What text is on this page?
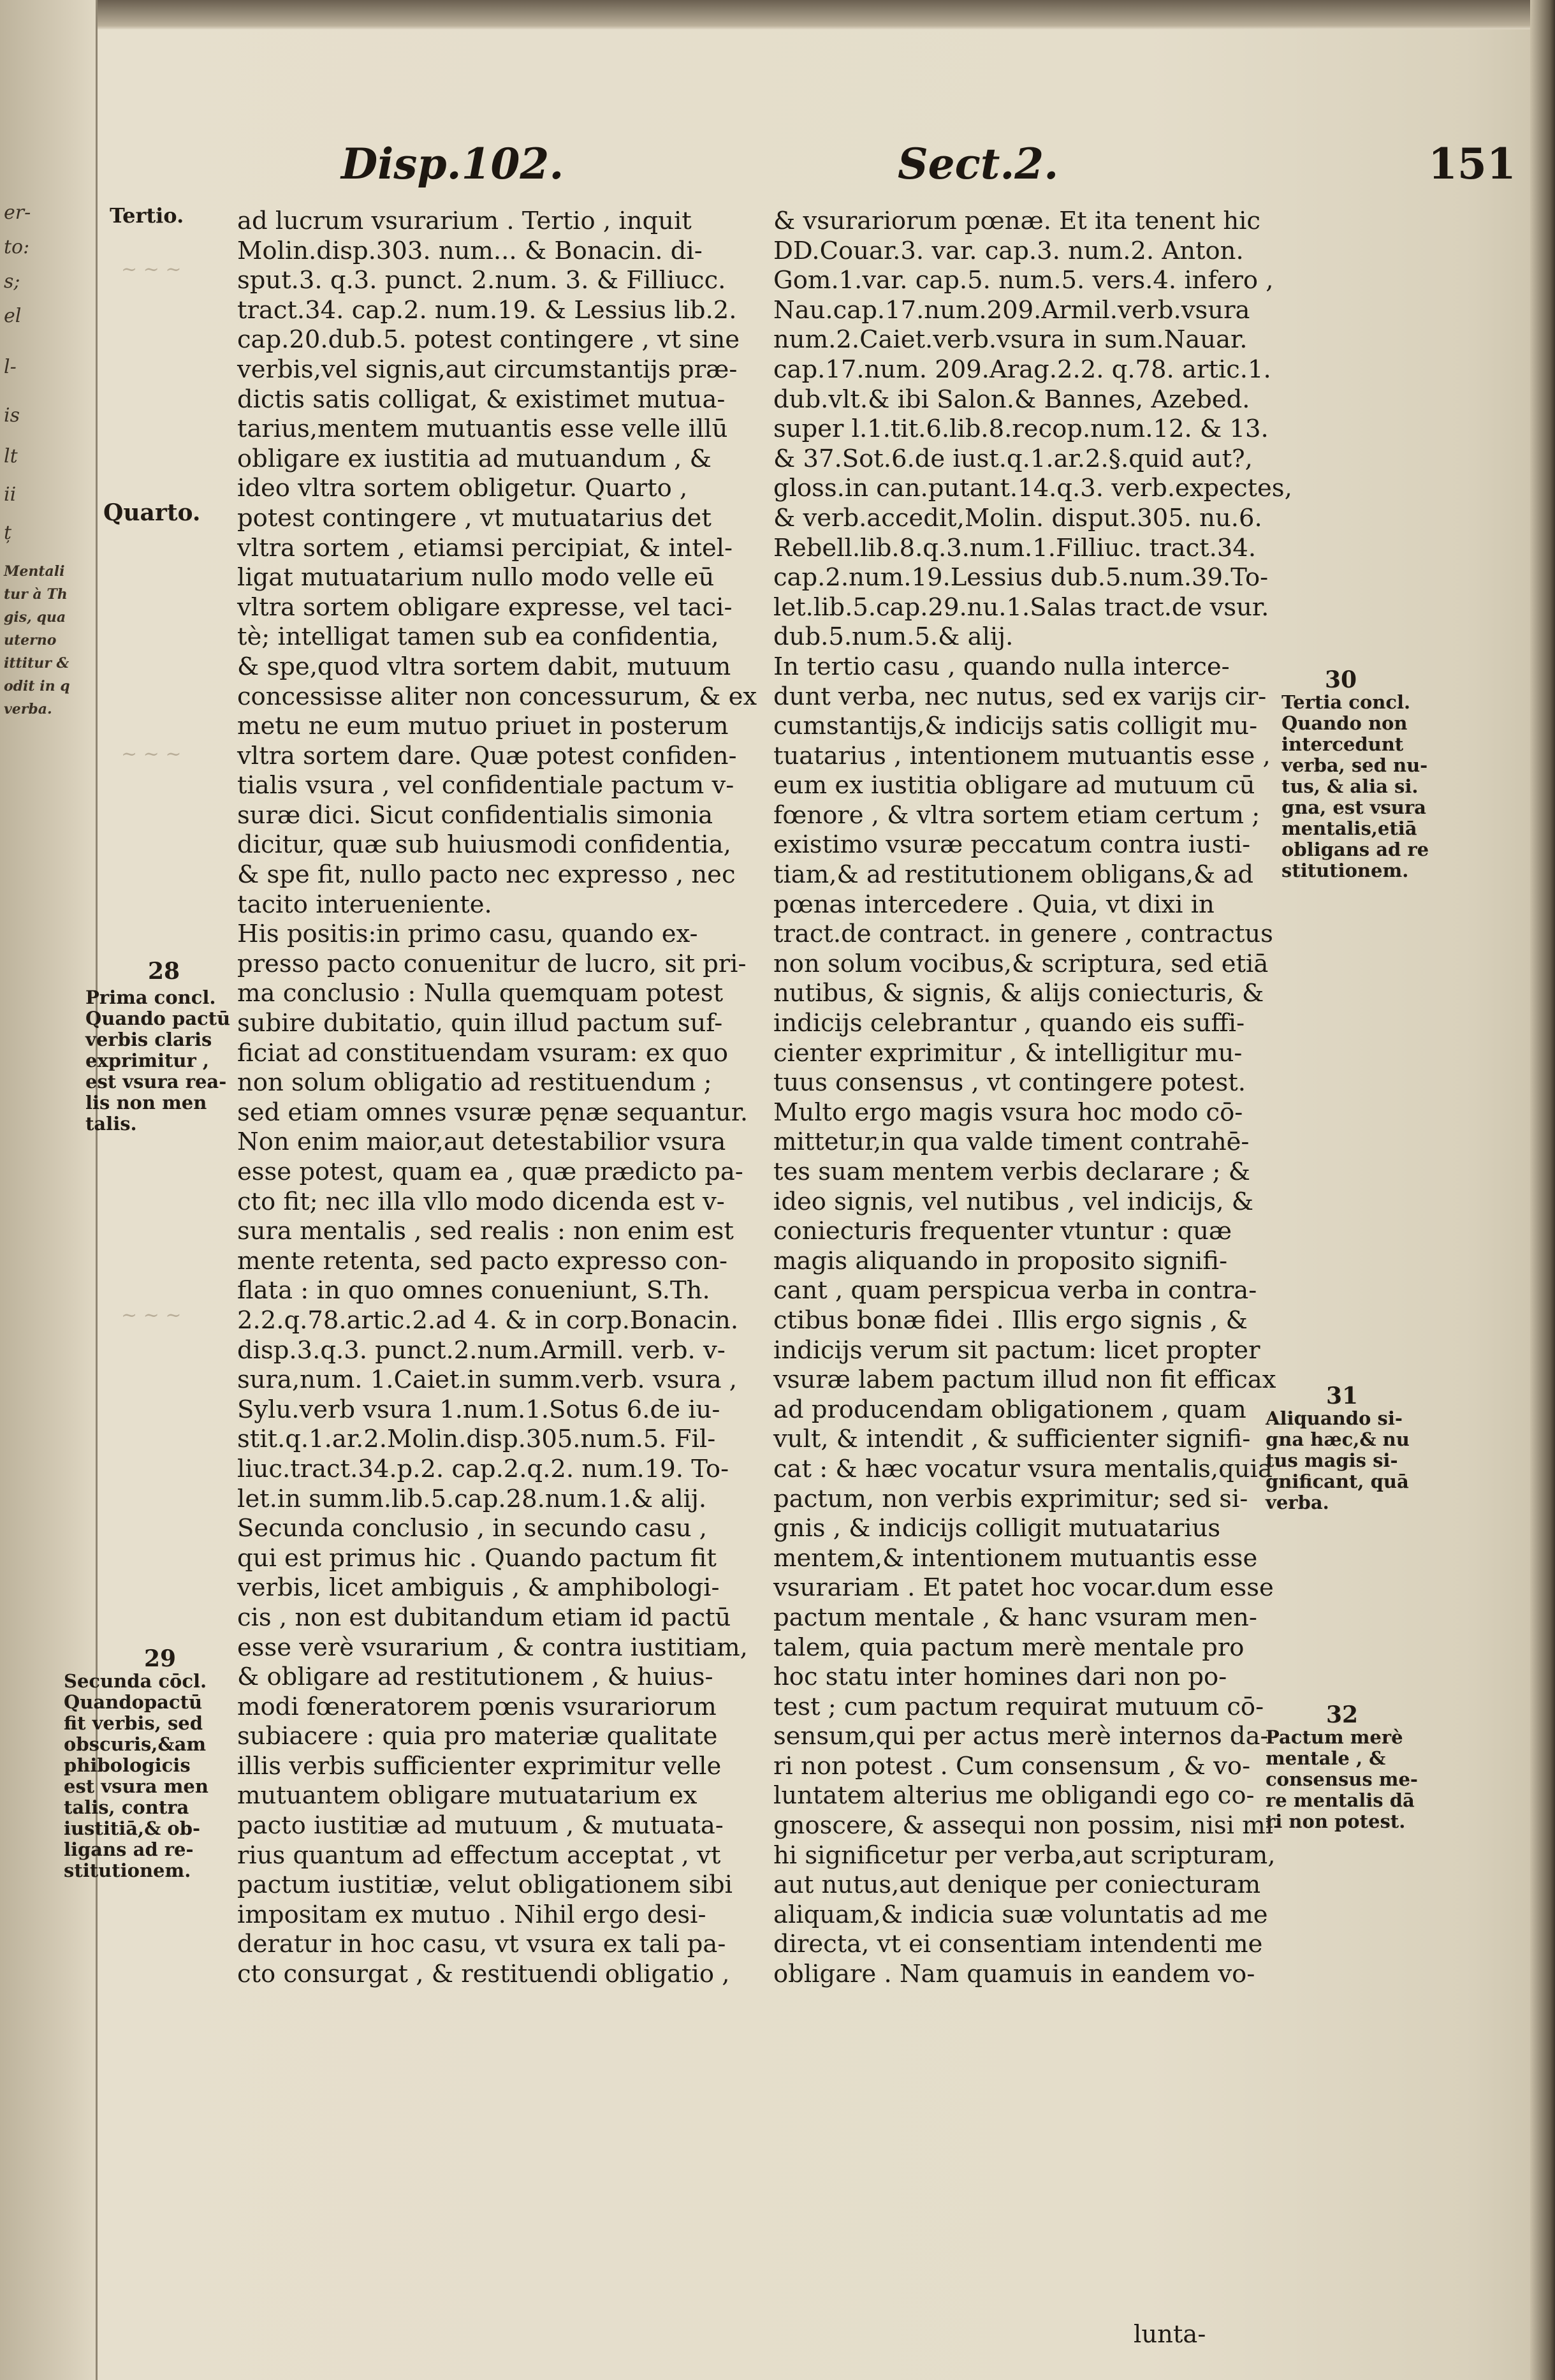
er-
to:
s;
el
l-
is
lt
ii
ț
Mentali
tur à Th
gis, qua
uterno
ittitur &
odit in q
verba.
Disp.102.	Sect.2.	151
Tertio.
Quarto.
28
Prima concl.
Quando pactū
verbis claris
exprimitur ,
est vsura rea-
lis non men
talis.
29
Secunda cōcl.
Quandopactū
fit verbis, sed
obscuris,&am
phibologicis
est vsura men
talis, contra
iustitiā,& ob-
ligans ad re-
stitutionem.
~ ~ ~
~ ~ ~
~ ~ ~
ad lucrum vsurarium . Tertio , inquit
Molin.disp.303. num... & Bonacin. di-
sput.3. q.3. punct. 2.num. 3. & Filliucc.
tract.34. cap.2. num.19. & Lessius lib.2.
cap.20.dub.5. potest contingere , vt sine
verbis,vel signis,aut circumstantijs præ-
dictis satis colligat, & existimet mutua-
tarius,mentem mutuantis esse velle illū
obligare ex iustitia ad mutuandum , &
ideo vltra sortem obligetur. Quarto ,
potest contingere , vt mutuatarius det
vltra sortem , etiamsi percipiat, & intel-
ligat mutuatarium nullo modo velle eū
vltra sortem obligare expresse, vel taci-
tè; intelligat tamen sub ea confidentia,
& spe,quod vltra sortem dabit, mutuum
concessisse aliter non concessurum, & ex
metu ne eum mutuo priuet in posterum
vltra sortem dare. Quæ potest confiden-
tialis vsura , vel confidentiale pactum v-
suræ dici. Sicut confidentialis simonia
dicitur, quæ sub huiusmodi confidentia,
& spe fit, nullo pacto nec expresso , nec
tacito interueniente.
His positis:in primo casu, quando ex-
presso pacto conuenitur de lucro, sit pri-
ma conclusio : Nulla quemquam potest
subire dubitatio, quin illud pactum suf-
ficiat ad constituendam vsuram: ex quo
non solum obligatio ad restituendum ;
sed etiam omnes vsuræ pęnæ sequantur.
Non enim maior,aut detestabilior vsura
esse potest, quam ea , quæ prædicto pa-
cto fit; nec illa vllo modo dicenda est v-
sura mentalis , sed realis : non enim est
mente retenta, sed pacto expresso con-
flata : in quo omnes conueniunt, S.Th.
2.2.q.78.artic.2.ad 4. & in corp.Bonacin.
disp.3.q.3. punct.2.num.Armill. verb. v-
sura,num. 1.Caiet.in summ.verb. vsura ,
Sylu.verb vsura 1.num.1.Sotus 6.de iu-
stit.q.1.ar.2.Molin.disp.305.num.5. Fil-
liuc.tract.34.p.2. cap.2.q.2. num.19. To-
let.in summ.lib.5.cap.28.num.1.& alij.
Secunda conclusio , in secundo casu ,
qui est primus hic . Quando pactum fit
verbis, licet ambiguis , & amphibologi-
cis , non est dubitandum etiam id pactū
esse verè vsurarium , & contra iustitiam,
& obligare ad restitutionem , & huius-
modi fœneratorem pœnis vsurariorum
subiacere : quia pro materiæ qualitate
illis verbis sufficienter exprimitur velle
mutuantem obligare mutuatarium ex
pacto iustitiæ ad mutuum , & mutuata-
rius quantum ad effectum acceptat , vt
pactum iustitiæ, velut obligationem sibi
impositam ex mutuo . Nihil ergo desi-
deratur in hoc casu, vt vsura ex tali pa-
cto consurgat , & restituendi obligatio ,
& vsurariorum pœnæ. Et ita tenent hic
DD.Couar.3. var. cap.3. num.2. Anton.
Gom.1.var. cap.5. num.5. vers.4. infero ,
Nau.cap.17.num.209.Armil.verb.vsura
num.2.Caiet.verb.vsura in sum.Nauar.
cap.17.num. 209.Arag.2.2. q.78. artic.1.
dub.vlt.& ibi Salon.& Bannes, Azebed.
super l.1.tit.6.lib.8.recop.num.12. & 13.
& 37.Sot.6.de iust.q.1.ar.2.§.quid aut?,
gloss.in can.putant.14.q.3. verb.expectes,
& verb.accedit,Molin. disput.305. nu.6.
Rebell.lib.8.q.3.num.1.Filliuc. tract.34.
cap.2.num.19.Lessius dub.5.num.39.To-
let.lib.5.cap.29.nu.1.Salas tract.de vsur.
dub.5.num.5.& alij.
In tertio casu , quando nulla interce-
dunt verba, nec nutus, sed ex varijs cir-
cumstantijs,& indicijs satis colligit mu-
tuatarius , intentionem mutuantis esse ,
eum ex iustitia obligare ad mutuum cū
fœnore , & vltra sortem etiam certum ;
existimo vsuræ peccatum contra iusti-
tiam,& ad restitutionem obligans,& ad
pœnas intercedere . Quia, vt dixi in
tract.de contract. in genere , contractus
non solum vocibus,& scriptura, sed etiā
nutibus, & signis, & alijs coniecturis, &
indicijs celebrantur , quando eis suffi-
cienter exprimitur , & intelligitur mu-
tuus consensus , vt contingere potest.
Multo ergo magis vsura hoc modo cō-
mittetur,in qua valde timent contrahē-
tes suam mentem verbis declarare ; &
ideo signis, vel nutibus , vel indicijs, &
coniecturis frequenter vtuntur : quæ
magis aliquando in proposito signifi-
cant , quam perspicua verba in contra-
ctibus bonæ fidei . Illis ergo signis , &
indicijs verum sit pactum: licet propter
vsuræ labem pactum illud non fit efficax
ad producendam obligationem , quam
vult, & intendit , & sufficienter signifi-
cat : & hæc vocatur vsura mentalis,quia
pactum, non verbis exprimitur; sed si-
gnis , & indicijs colligit mutuatarius
mentem,& intentionem mutuantis esse
vsurariam . Et patet hoc vocar.dum esse
pactum mentale , & hanc vsuram men-
talem, quia pactum merè mentale pro
hoc statu inter homines dari non po-
test ; cum pactum requirat mutuum cō-
sensum,qui per actus merè internos da-
ri non potest . Cum consensum , & vo-
luntatem alterius me obligandi ego co-
gnoscere, & assequi non possim, nisi mi-
hi significetur per verba,aut scripturam,
aut nutus,aut denique per coniecturam
aliquam,& indicia suæ voluntatis ad me
directa, vt ei consentiam intendenti me
obligare . Nam quamuis in eandem vo-
30
Tertia concl.
Quando non
intercedunt
verba, sed nu-
tus, & alia si.
gna, est vsura
mentalis,etiā
obligans ad re
stitutionem.
31
Aliquando si-
gna hæc,& nu
tus magis si-
gnificant, quā
verba.
32
Pactum merè
mentale , &
consensus me-
re mentalis dā
ri non potest.
lunta-
